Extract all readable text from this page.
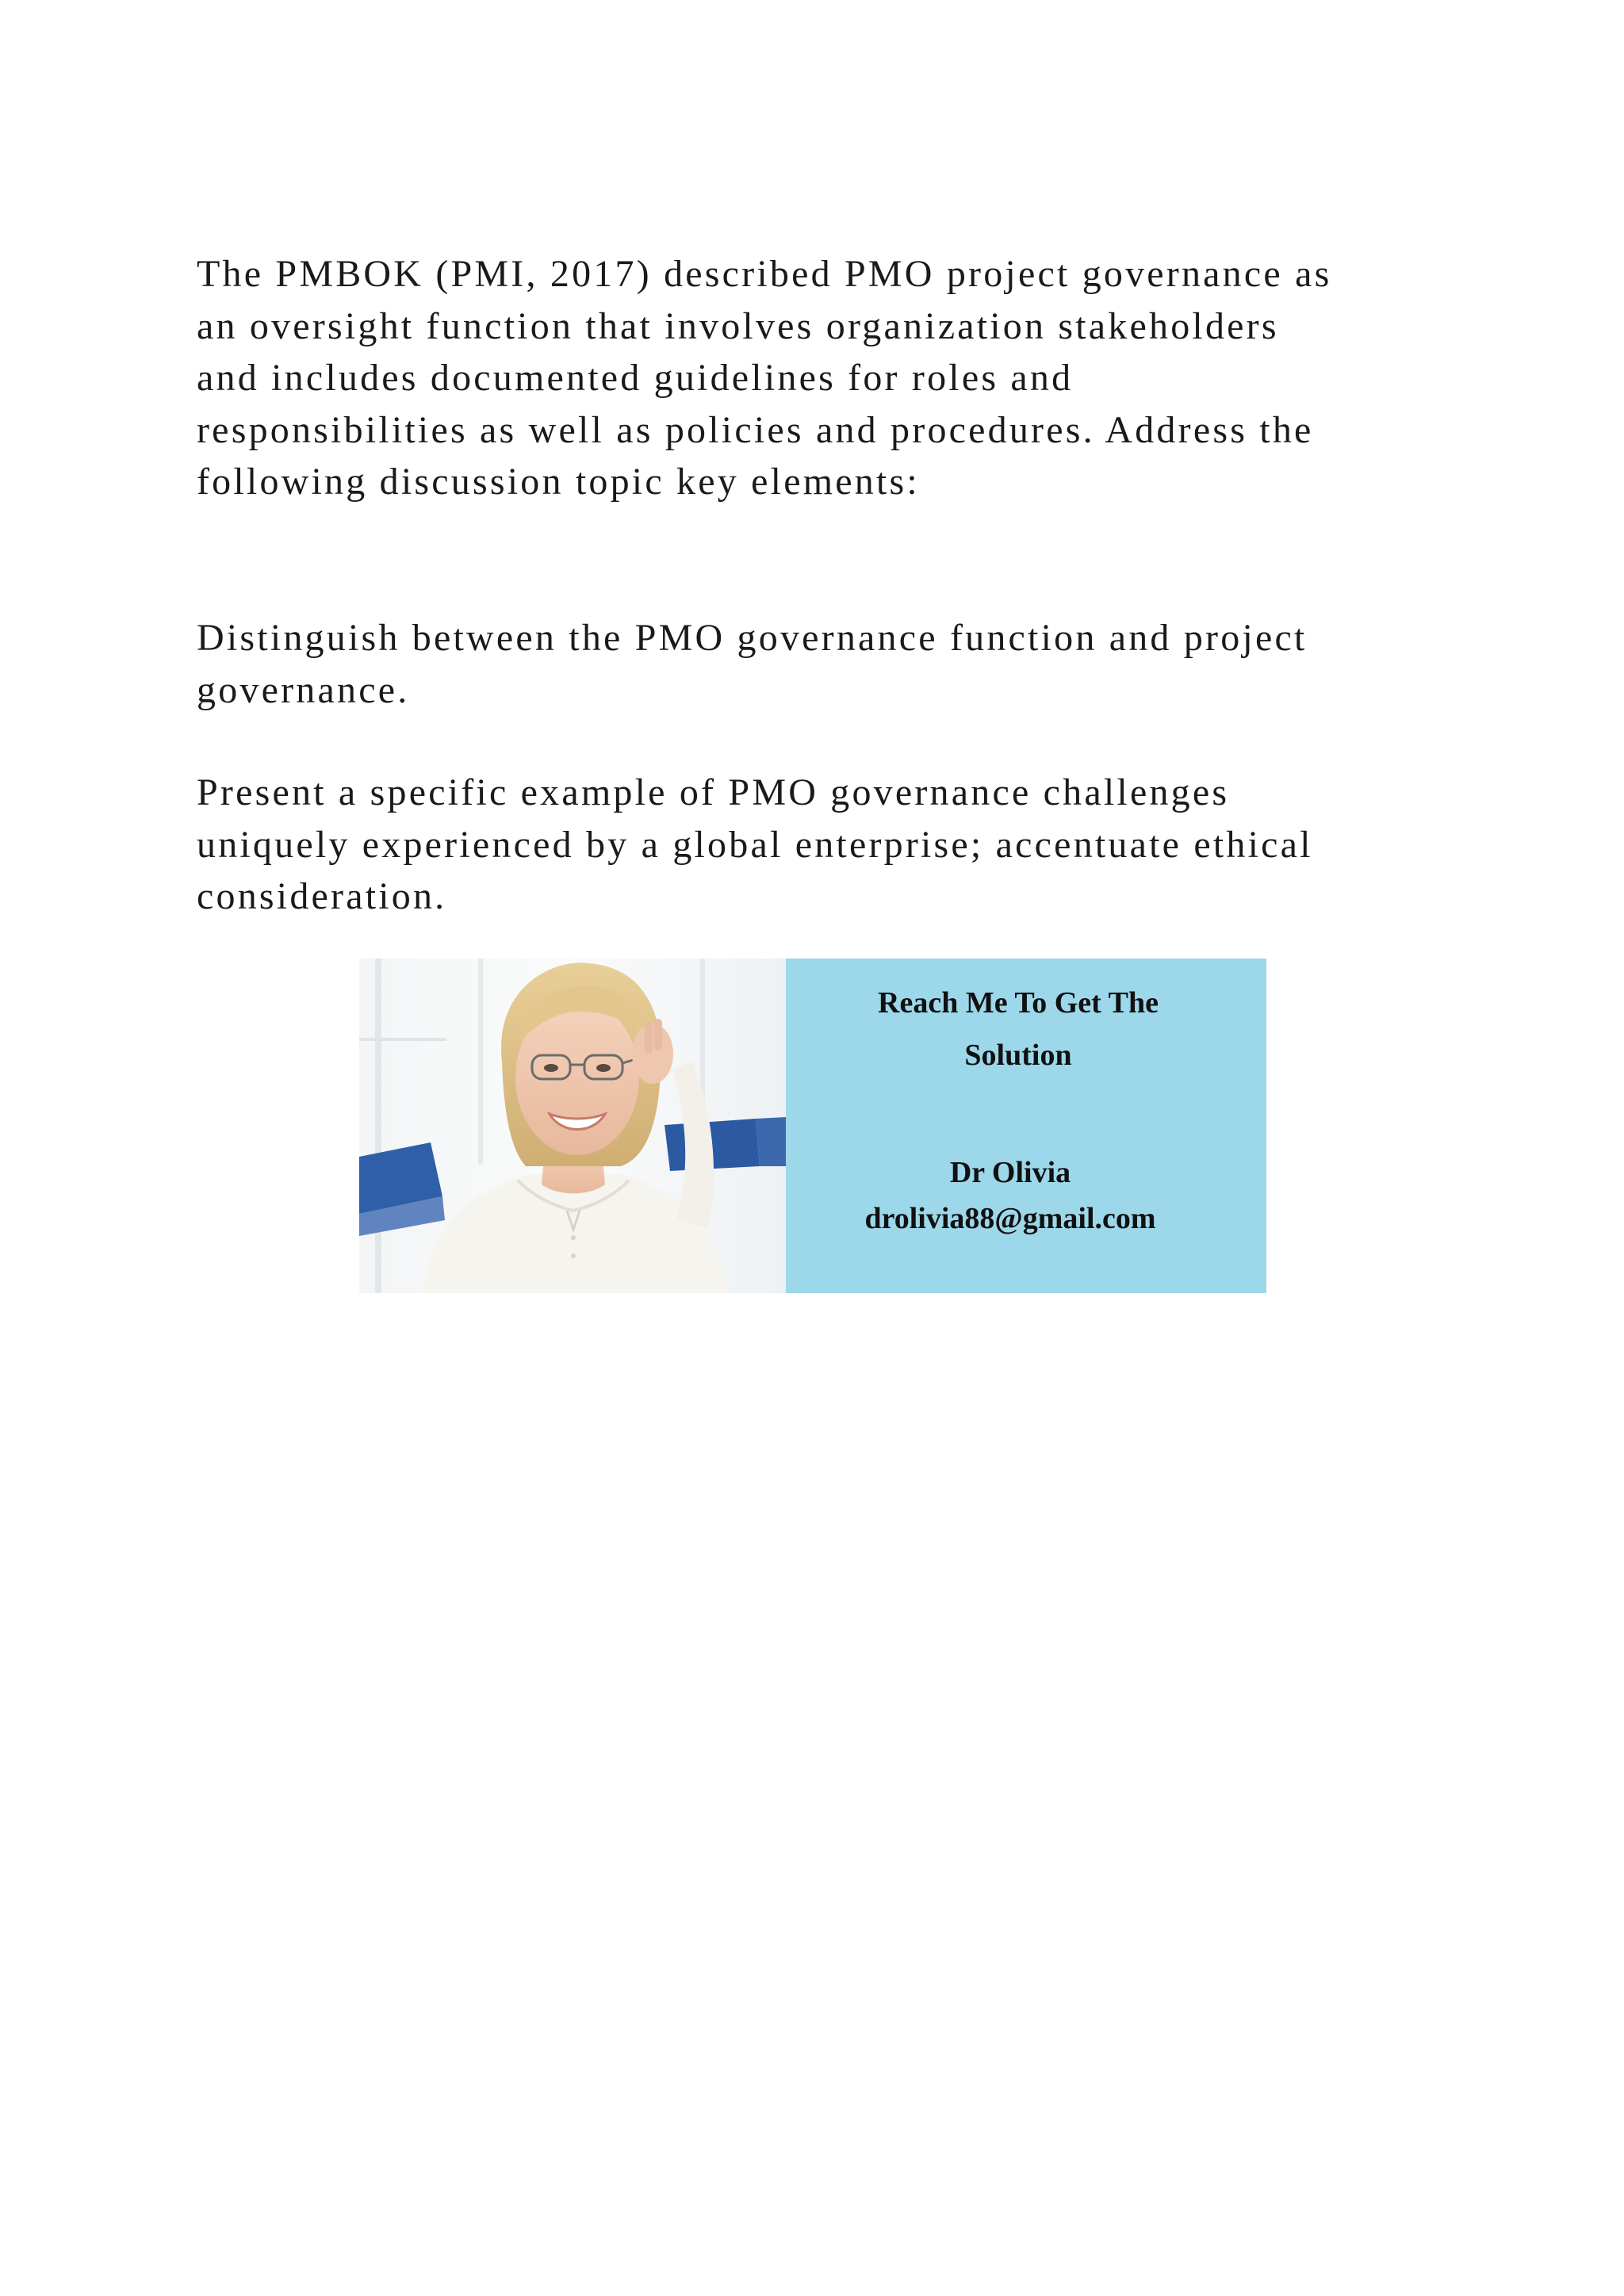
The PMBOK (PMI, 2017) described PMO project governance as
an oversight function that involves organization stakeholders
and includes documented guidelines for roles and
responsibilities as well as policies and procedures. Address the
following discussion topic key elements:
Distinguish between the PMO governance function and project
governance.
Present a specific example of PMO governance challenges
uniquely experienced by a global enterprise; accentuate ethical
consideration.
Reach Me To Get The
Solution
Dr Olivia
drolivia88@gmail.com
